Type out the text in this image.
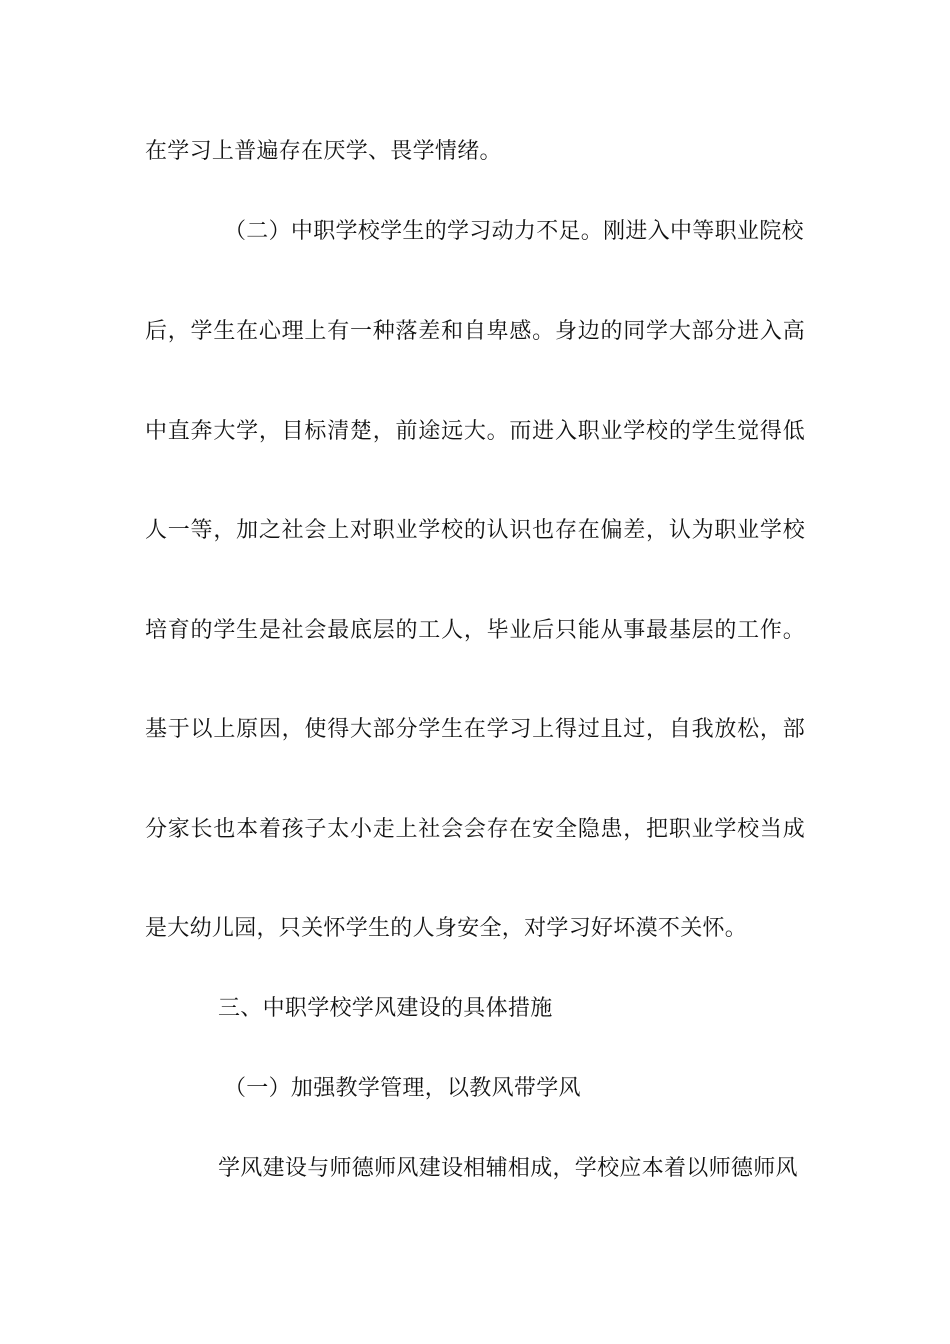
在学习上普遍存在厌学、畏学情绪。
（二）中职学校学生的学习动力不足。刚进入中等职业院校
后，学生在心理上有一种落差和自卑感。身边的同学大部分进入高
中直奔大学，目标清楚，前途远大。而进入职业学校的学生觉得低
人一等，加之社会上对职业学校的认识也存在偏差，认为职业学校
培育的学生是社会最底层的工人，毕业后只能从事最基层的工作。
基于以上原因，使得大部分学生在学习上得过且过，自我放松，部
分家长也本着孩子太小走上社会会存在安全隐患，把职业学校当成
是大幼儿园，只关怀学生的人身安全，对学习好坏漠不关怀。
三、中职学校学风建设的具体措施
（一）加强教学管理，以教风带学风
学风建设与师德师风建设相辅相成，学校应本着以师德师风
